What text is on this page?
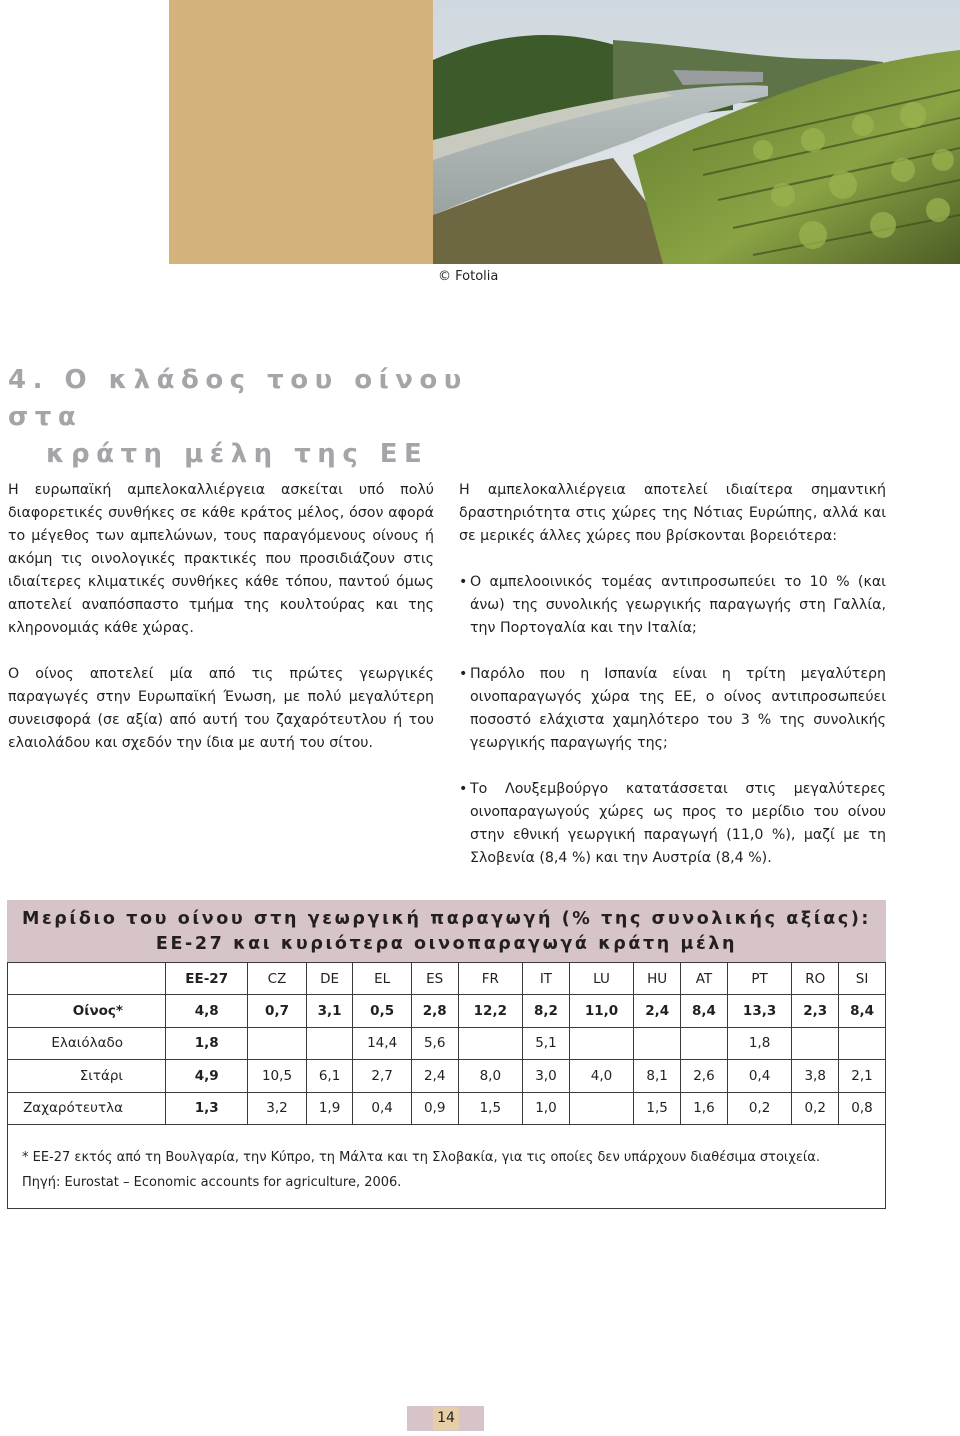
© Fotolia
4. Ο κλάδος του οίνου στα
κράτη μέλη της ΕΕ

Η ευρωπαϊκή αμπελοκαλλιέργεια ασκείται υπό πολύ διαφορετικές συνθήκες σε κάθε κράτος μέλος, όσον αφορά το μέγεθος των αμπελώνων, τους παραγόμενους οίνους ή ακόμη τις οινολογικές πρακτικές που προσιδιάζουν στις ιδιαίτερες κλιματικές συνθήκες κάθε τόπου, παντού όμως αποτελεί αναπόσπαστο τμήμα της κουλτούρας και της κληρονομιάς κάθε χώρας.

Ο οίνος αποτελεί μία από τις πρώτες γεωργικές παραγωγές στην Ευρωπαϊκή Ένωση, με πολύ μεγαλύτερη συνεισφορά (σε αξία) από αυτή του ζαχαρότευτλου ή του ελαιολάδου και σχεδόν την ίδια με αυτή του σίτου.

Η αμπελοκαλλιέργεια αποτελεί ιδιαίτερα σημαντική δραστηριότητα στις χώρες της Νότιας Ευρώπης, αλλά και σε μερικές άλλες χώρες που βρίσκονται βορειότερα:

• Ο αμπελοοινικός τομέας αντιπροσωπεύει το 10 % (και άνω) της συνολικής γεωργικής παραγωγής στη Γαλλία, την Πορτογαλία και την Ιταλία;
• Παρόλο που η Ισπανία είναι η τρίτη μεγαλύτερη οινοπαραγωγός χώρα της ΕΕ, ο οίνος αντιπροσωπεύει ποσοστό ελάχιστα χαμηλότερο του 3 % της συνολικής γεωργικής παραγωγής της;
• Το Λουξεμβούργο κατατάσσεται στις μεγαλύτερες οινοπαραγωγούς χώρες ως προς το μερίδιο του οίνου στην εθνική γεωργική παραγωγή (11,0 %), μαζί με τη Σλοβενία (8,4 %) και την Αυστρία (8,4 %).
Μερίδιο του οίνου στη γεωργική παραγωγή (% της συνολικής αξίας):
ΕΕ-27 και κυριότερα οινοπαραγωγά κράτη μέλη
	ΕΕ-27	CZ	DE	EL	ES	FR	IT	LU	HU	AT	PT	RO	SI
Οίνος*	4,8	0,7	3,1	0,5	2,8	12,2	8,2	11,0	2,4	8,4	13,3	2,3	8,4
Ελαιόλαδο	1,8			14,4	5,6		5,1				1,8		
Σιτάρι	4,9	10,5	6,1	2,7	2,4	8,0	3,0	4,0	8,1	2,6	0,4	3,8	2,1
Ζαχαρότευτλα	1,3	3,2	1,9	0,4	0,9	1,5	1,0		1,5	1,6	0,2	0,2	0,8
* ΕΕ-27 εκτός από τη Βουλγαρία, την Κύπρο, τη Μάλτα και τη Σλοβακία, για τις οποίες δεν υπάρχουν διαθέσιμα στοιχεία.
Πηγή: Eurostat – Economic accounts for agriculture, 2006.
14
